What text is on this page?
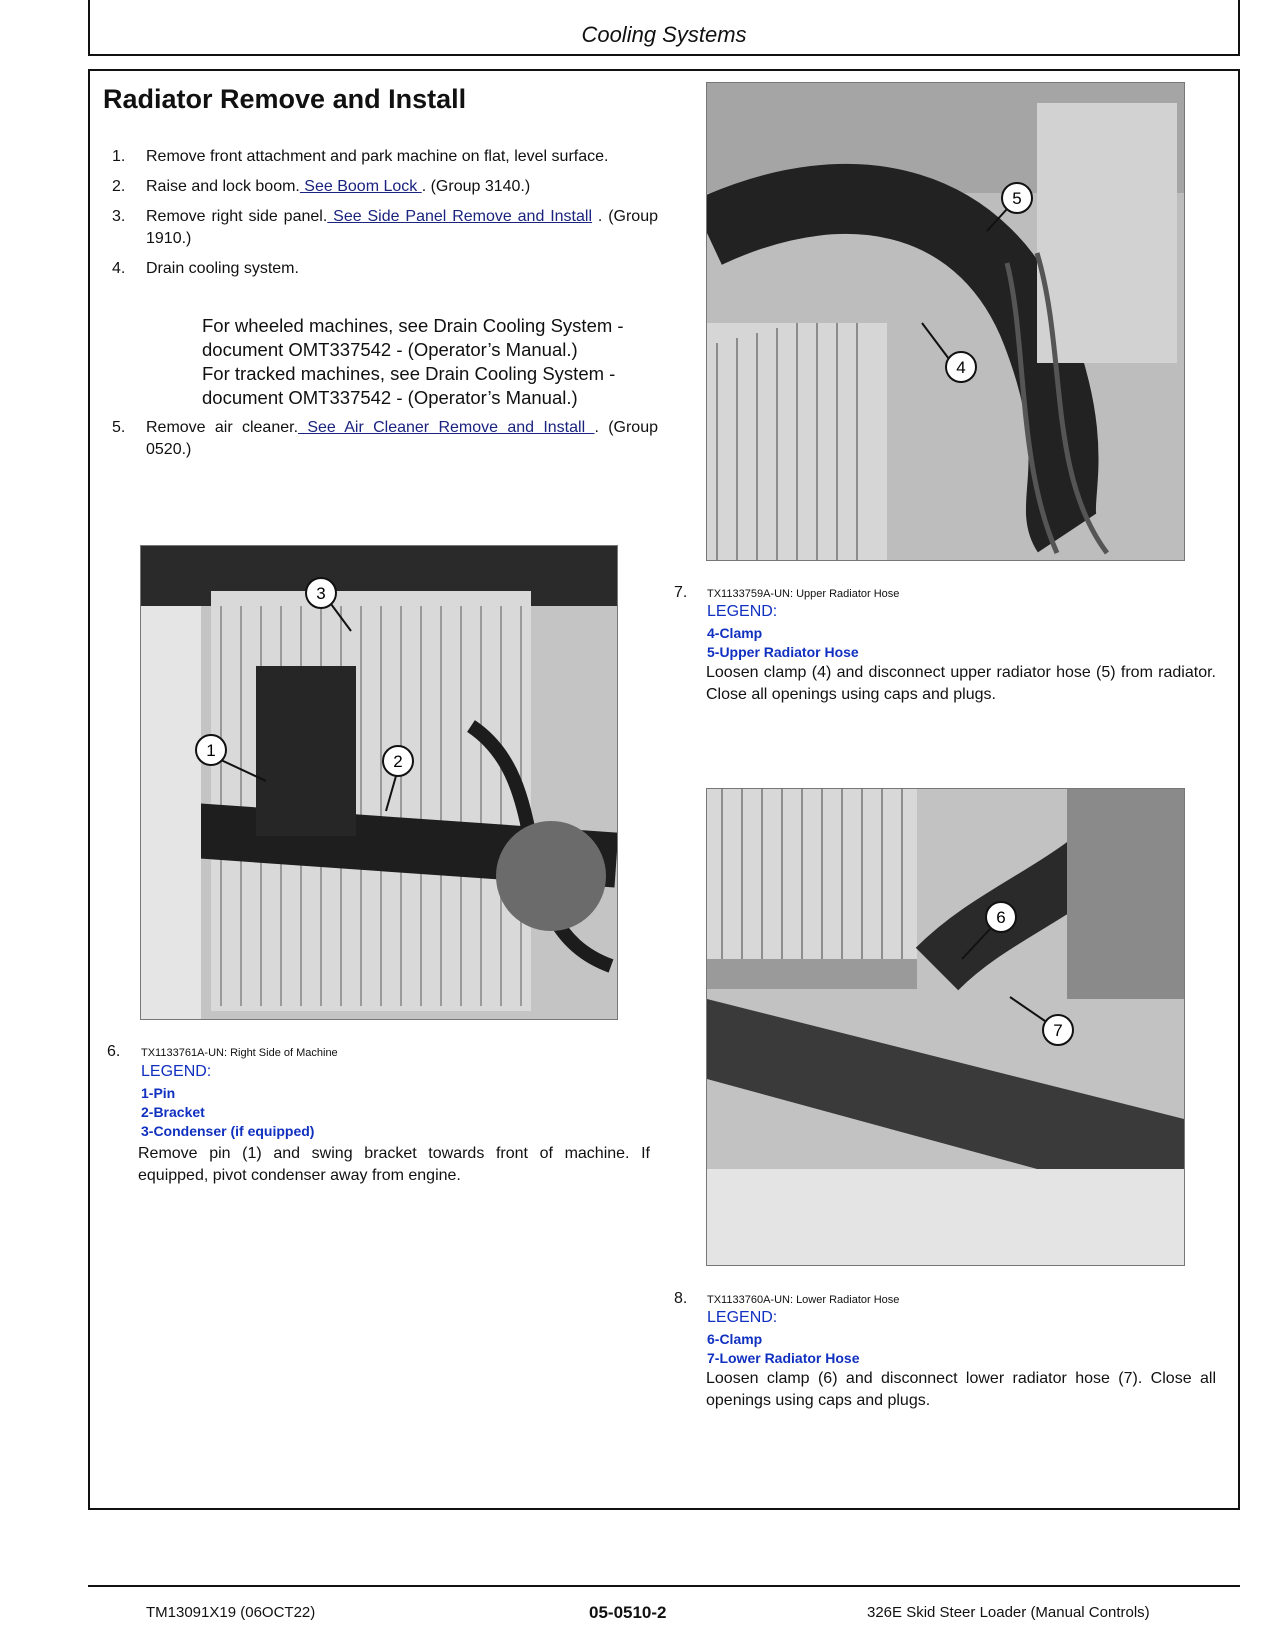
Cooling Systems
Radiator Remove and Install
1. Remove front attachment and park machine on flat, level surface.
2. Raise and lock boom. See Boom Lock . (Group 3140.)
3. Remove right side panel. See Side Panel Remove and Install . (Group 1910.)
4. Drain cooling system.
For wheeled machines, see Drain Cooling System - document OMT337542 - (Operator’s Manual.)
For tracked machines, see Drain Cooling System - document OMT337542 - (Operator’s Manual.)
5. Remove air cleaner. See Air Cleaner Remove and Install . (Group 0520.)
1
2
3
6. TX1133761A-UN: Right Side of Machine
LEGEND:
1-Pin
2-Bracket
3-Condenser (if equipped)
Remove pin (1) and swing bracket towards front of machine. If equipped, pivot condenser away from engine.
4
5
7. TX1133759A-UN: Upper Radiator Hose
LEGEND:
4-Clamp
5-Upper Radiator Hose
Loosen clamp (4) and disconnect upper radiator hose (5) from radiator. Close all openings using caps and plugs.
6
7
8. TX1133760A-UN: Lower Radiator Hose
LEGEND:
6-Clamp
7-Lower Radiator Hose
Loosen clamp (6) and disconnect lower radiator hose (7). Close all openings using caps and plugs.
TM13091X19 (06OCT22)	05-0510-2	326E Skid Steer Loader (Manual Controls)
